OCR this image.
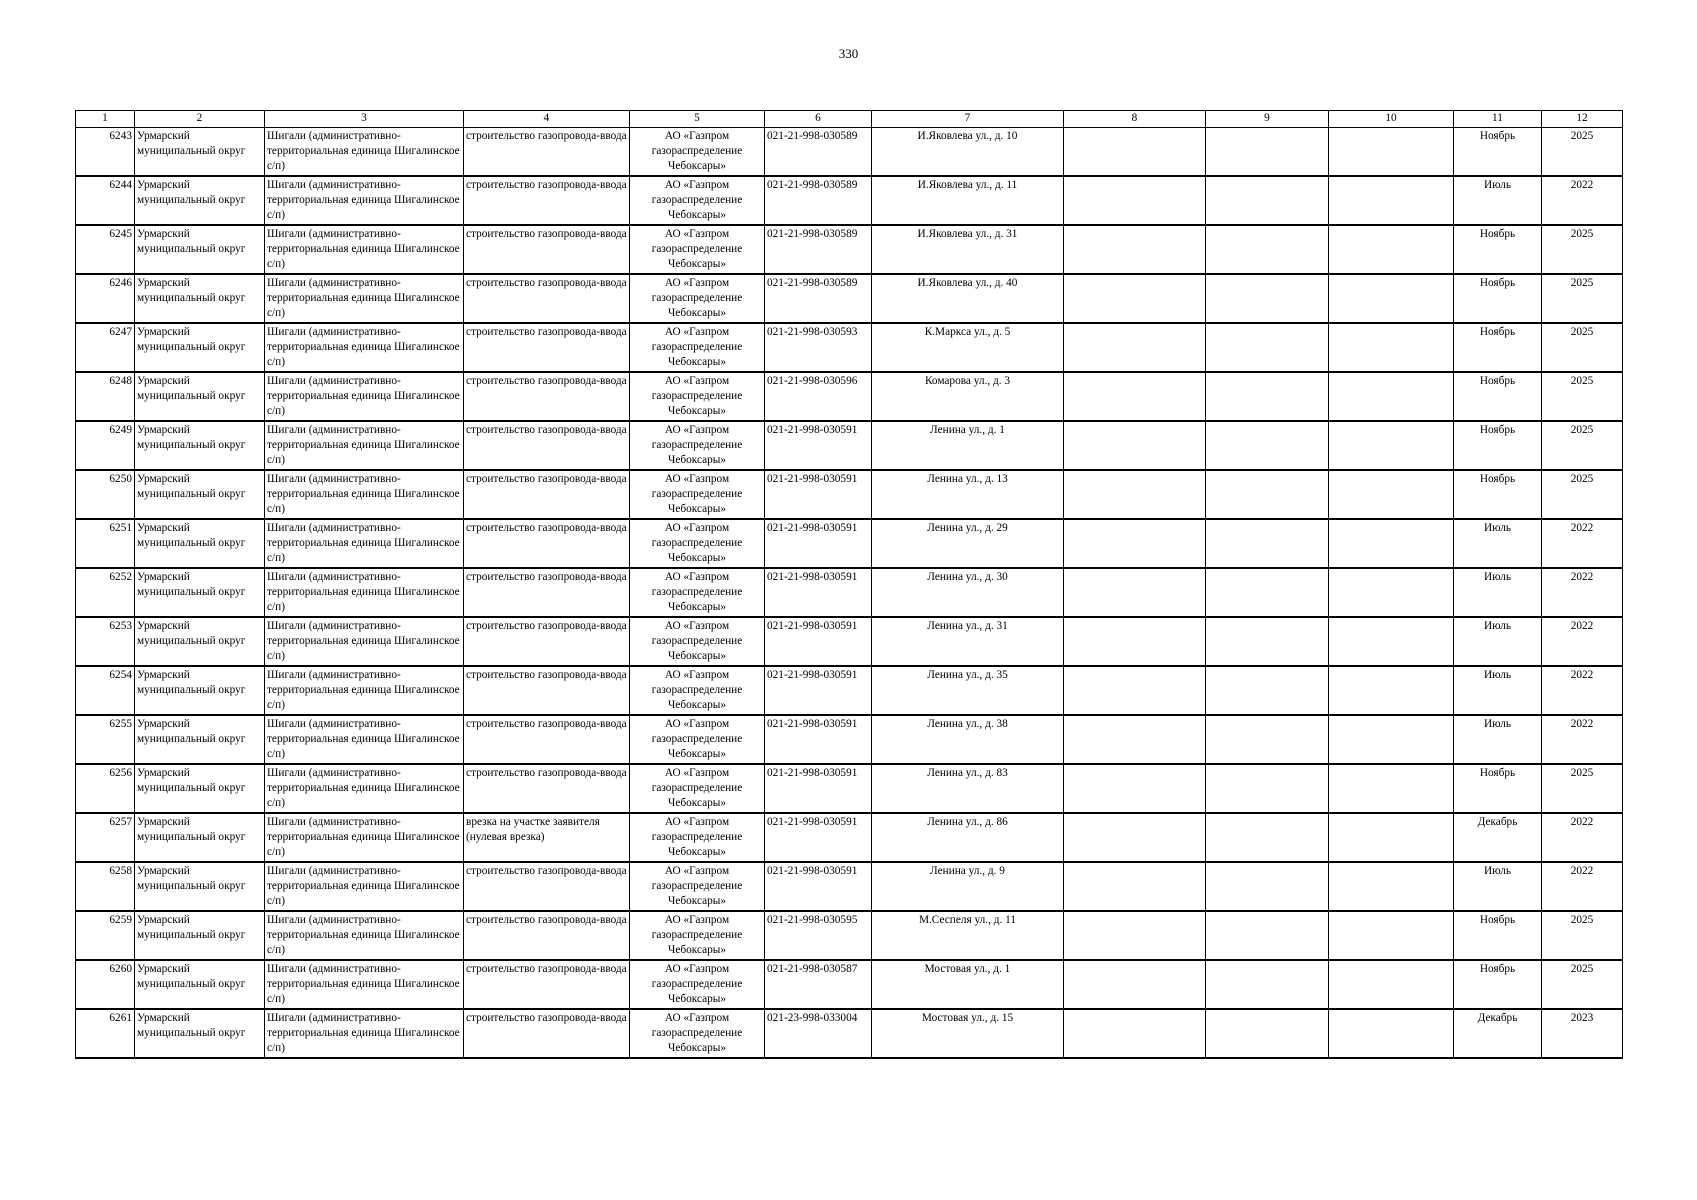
330
1	2	3	4	5	6	7	8	9	10	11	12
6243	Урмарский муниципальный округ	Шигали (административно-территориальная единица Шигалинское с/п)	строительство газопровода-ввода	АО «Газпром газораспределение Чебоксары»	021-21-998-030589	И.Яковлева ул., д. 10				Ноябрь	2025
6244	Урмарский муниципальный округ	Шигали (административно-территориальная единица Шигалинское с/п)	строительство газопровода-ввода	АО «Газпром газораспределение Чебоксары»	021-21-998-030589	И.Яковлева ул., д. 11				Июль	2022
6245	Урмарский муниципальный округ	Шигали (административно-территориальная единица Шигалинское с/п)	строительство газопровода-ввода	АО «Газпром газораспределение Чебоксары»	021-21-998-030589	И.Яковлева ул., д. 31				Ноябрь	2025
6246	Урмарский муниципальный округ	Шигали (административно-территориальная единица Шигалинское с/п)	строительство газопровода-ввода	АО «Газпром газораспределение Чебоксары»	021-21-998-030589	И.Яковлева ул., д. 40				Ноябрь	2025
6247	Урмарский муниципальный округ	Шигали (административно-территориальная единица Шигалинское с/п)	строительство газопровода-ввода	АО «Газпром газораспределение Чебоксары»	021-21-998-030593	К.Маркса ул., д. 5				Ноябрь	2025
6248	Урмарский муниципальный округ	Шигали (административно-территориальная единица Шигалинское с/п)	строительство газопровода-ввода	АО «Газпром газораспределение Чебоксары»	021-21-998-030596	Комарова ул., д. 3				Ноябрь	2025
6249	Урмарский муниципальный округ	Шигали (административно-территориальная единица Шигалинское с/п)	строительство газопровода-ввода	АО «Газпром газораспределение Чебоксары»	021-21-998-030591	Ленина ул., д. 1				Ноябрь	2025
6250	Урмарский муниципальный округ	Шигали (административно-территориальная единица Шигалинское с/п)	строительство газопровода-ввода	АО «Газпром газораспределение Чебоксары»	021-21-998-030591	Ленина ул., д. 13				Ноябрь	2025
6251	Урмарский муниципальный округ	Шигали (административно-территориальная единица Шигалинское с/п)	строительство газопровода-ввода	АО «Газпром газораспределение Чебоксары»	021-21-998-030591	Ленина ул., д. 29				Июль	2022
6252	Урмарский муниципальный округ	Шигали (административно-территориальная единица Шигалинское с/п)	строительство газопровода-ввода	АО «Газпром газораспределение Чебоксары»	021-21-998-030591	Ленина ул., д. 30				Июль	2022
6253	Урмарский муниципальный округ	Шигали (административно-территориальная единица Шигалинское с/п)	строительство газопровода-ввода	АО «Газпром газораспределение Чебоксары»	021-21-998-030591	Ленина ул., д. 31				Июль	2022
6254	Урмарский муниципальный округ	Шигали (административно-территориальная единица Шигалинское с/п)	строительство газопровода-ввода	АО «Газпром газораспределение Чебоксары»	021-21-998-030591	Ленина ул., д. 35				Июль	2022
6255	Урмарский муниципальный округ	Шигали (административно-территориальная единица Шигалинское с/п)	строительство газопровода-ввода	АО «Газпром газораспределение Чебоксары»	021-21-998-030591	Ленина ул., д. 38				Июль	2022
6256	Урмарский муниципальный округ	Шигали (административно-территориальная единица Шигалинское с/п)	строительство газопровода-ввода	АО «Газпром газораспределение Чебоксары»	021-21-998-030591	Ленина ул., д. 83				Ноябрь	2025
6257	Урмарский муниципальный округ	Шигали (административно-территориальная единица Шигалинское с/п)	врезка на участке заявителя (нулевая врезка)	АО «Газпром газораспределение Чебоксары»	021-21-998-030591	Ленина ул., д. 86				Декабрь	2022
6258	Урмарский муниципальный округ	Шигали (административно-территориальная единица Шигалинское с/п)	строительство газопровода-ввода	АО «Газпром газораспределение Чебоксары»	021-21-998-030591	Ленина ул., д. 9				Июль	2022
6259	Урмарский муниципальный округ	Шигали (административно-территориальная единица Шигалинское с/п)	строительство газопровода-ввода	АО «Газпром газораспределение Чебоксары»	021-21-998-030595	М.Сеспеля ул., д. 11				Ноябрь	2025
6260	Урмарский муниципальный округ	Шигали (административно-территориальная единица Шигалинское с/п)	строительство газопровода-ввода	АО «Газпром газораспределение Чебоксары»	021-21-998-030587	Мостовая ул., д. 1				Ноябрь	2025
6261	Урмарский муниципальный округ	Шигали (административно-территориальная единица Шигалинское с/п)	строительство газопровода-ввода	АО «Газпром газораспределение Чебоксары»	021-23-998-033004	Мостовая ул., д. 15				Декабрь	2023
